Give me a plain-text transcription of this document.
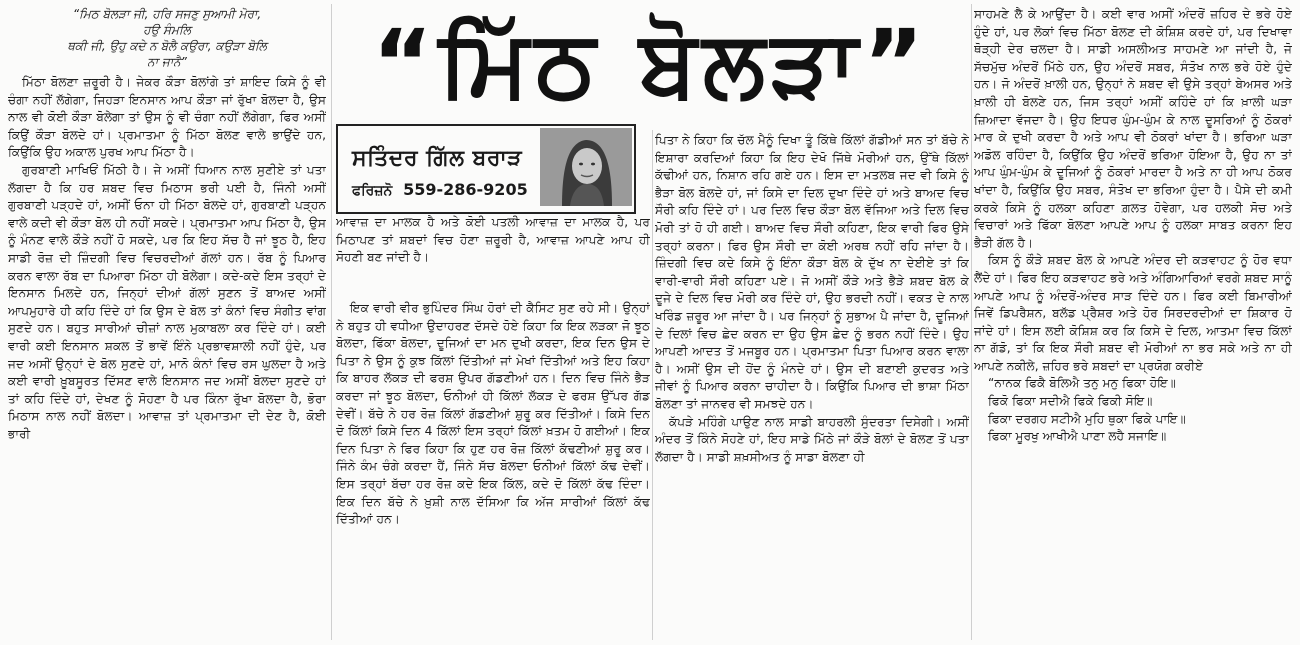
“ਮਿਠ ਬੋਲੜਾ ਜੀ, ਹਰਿ ਸਜਣੁ ਸੁਆਮੀ ਮੋਰਾ,
ਹਉ ਸੰਮਲਿ
ਥਕੀ ਜੀ, ਉਹੁ ਕਦੇ ਨ ਬੋਲੈ ਕਉਰਾ, ਕਉੜਾ ਬੋਲਿ
ਨਾ ਜਾਨੈ”

ਮਿੱਠਾ ਬੋਲਣਾ ਜ਼ਰੂਰੀ ਹੈ। ਜੇਕਰ ਕੌੜਾ ਬੋਲਾਂਗੇ ਤਾਂ ਸ਼ਾਇਦ ਕਿਸੇ ਨੂੰ ਵੀ ਚੰਗਾ ਨਹੀਂ ਲੱਗੇਗਾ, ਜਿਹੜਾ ਇਨਸਾਨ ਆਪ ਕੌੜਾ ਜਾਂ ਰੁੱਖਾ ਬੋਲਦਾ ਹੈ, ਉਸ ਨਾਲ ਵੀ ਕੋਈ ਕੌੜਾ ਬੋਲੇਗਾ ਤਾਂ ਉਸ ਨੂੰ ਵੀ ਚੰਗਾ ਨਹੀਂ ਲੱਗੇਗਾ, ਫਿਰ ਅਸੀਂ ਕਿਉਂ ਕੌੜਾ ਬੋਲਦੇ ਹਾਂ। ਪ੍ਰਮਾਤਮਾ ਨੂੰ ਮਿੱਠਾ ਬੋਲਣ ਵਾਲੇ ਭਾਉਂਦੇ ਹਨ, ਕਿਉਂਕਿ ਉਹ ਅਕਾਲ ਪੁਰਖ ਆਪ ਮਿੱਠਾ ਹੈ।

ਗੁਰਬਾਣੀ ਮਾਖਿਓਂ ਮਿੱਠੀ ਹੈ। ਜੇ ਅਸੀਂ ਧਿਆਨ ਨਾਲ ਸੁਣੀਏ ਤਾਂ ਪਤਾ ਲੱਗਦਾ ਹੈ ਕਿ ਹਰ ਸ਼ਬਦ ਵਿਚ ਮਿਠਾਸ ਭਰੀ ਪਈ ਹੈ, ਜਿੰਨੀ ਅਸੀਂ ਗੁਰਬਾਣੀ ਪੜ੍ਹਦੇ ਹਾਂ, ਅਸੀਂ ਓਨਾ ਹੀ ਮਿੱਠਾ ਬੋਲਦੇ ਹਾਂ, ਗੁਰਬਾਣੀ ਪੜ੍ਹਨ ਵਾਲੇ ਕਦੀ ਵੀ ਕੌੜਾ ਬੋਲ ਹੀ ਨਹੀਂ ਸਕਦੇ। ਪ੍ਰਮਾਤਮਾ ਆਪ ਮਿੱਠਾ ਹੈ, ਉਸ ਨੂੰ ਮੰਨਣ ਵਾਲੇ ਕੌੜੇ ਨਹੀਂ ਹੋ ਸਕਦੇ, ਪਰ ਕਿ ਇਹ ਸੱਚ ਹੈ ਜਾਂ ਝੂਠ ਹੈ, ਇਹ ਸਾਡੀ ਰੋਜ਼ ਦੀ ਜ਼ਿੰਦਗੀ ਵਿਚ ਵਿਚਰਦੀਆਂ ਗੱਲਾਂ ਹਨ। ਰੱਬ ਨੂੰ ਪਿਆਰ ਕਰਨ ਵਾਲਾ ਰੱਬ ਦਾ ਪਿਆਰਾ ਮਿੱਠਾ ਹੀ ਬੋਲੇਗਾ। ਕਦੇ-ਕਦੇ ਇਸ ਤਰ੍ਹਾਂ ਦੇ ਇਨਸਾਨ ਮਿਲਦੇ ਹਨ, ਜਿਨ੍ਹਾਂ ਦੀਆਂ ਗੱਲਾਂ ਸੁਣਨ ਤੋਂ ਬਾਅਦ ਅਸੀਂ ਆਪਮੁਹਾਰੇ ਹੀ ਕਹਿ ਦਿੰਦੇ ਹਾਂ ਕਿ ਉਸ ਦੇ ਬੋਲ ਤਾਂ ਕੰਨਾਂ ਵਿਚ ਸੰਗੀਤ ਵਾਂਗ ਸੁਣਦੇ ਹਨ। ਬਹੁਤ ਸਾਰੀਆਂ ਚੀਜ਼ਾਂ ਨਾਲ ਮੁਕਾਬਲਾ ਕਰ ਦਿੰਦੇ ਹਾਂ। ਕਈ ਵਾਰੀ ਕਈ ਇਨਸਾਨ ਸ਼ਕਲ ਤੋਂ ਭਾਵੇਂ ਇੰਨੇ ਪ੍ਰਭਾਵਸ਼ਾਲੀ ਨਹੀਂ ਹੁੰਦੇ, ਪਰ ਜਦ ਅਸੀਂ ਉਨ੍ਹਾਂ ਦੇ ਬੋਲ ਸੁਣਦੇ ਹਾਂ, ਮਾਨੋ ਕੰਨਾਂ ਵਿਚ ਰਸ ਘੁਲਦਾ ਹੈ ਅਤੇ ਕਈ ਵਾਰੀ ਖ਼ੂਬਸੂਰਤ ਦਿੱਸਣ ਵਾਲੇ ਇਨਸਾਨ ਜਦ ਅਸੀਂ ਬੋਲਦਾ ਸੁਣਦੇ ਹਾਂ ਤਾਂ ਕਹਿ ਦਿੰਦੇ ਹਾਂ, ਦੇਖਣ ਨੂੰ ਸੋਹਣਾ ਹੈ ਪਰ ਕਿੰਨਾ ਰੁੱਖਾ ਬੋਲਦਾ ਹੈ, ਭੋਰਾ ਮਿਠਾਸ ਨਾਲ ਨਹੀਂ ਬੋਲਦਾ। ਆਵਾਜ਼ ਤਾਂ ਪ੍ਰਮਾਤਮਾ ਦੀ ਦੇਣ ਹੈ, ਕੋਈ ਭਾਰੀ

“ਮਿੱਠ ਬੋਲੜਾ”
ਸਤਿੰਦਰ ਗਿੱਲ ਬਰਾੜ
ਫਰਿਜ਼ਨੋ 559-286-9205

ਆਵਾਜ਼ ਦਾ ਮਾਲਕ ਹੈ ਅਤੇ ਕੋਈ ਪਤਲੀ ਆਵਾਜ਼ ਦਾ ਮਾਲਕ ਹੈ, ਪਰ ਮਿਠਾਪਣ ਤਾਂ ਸ਼ਬਦਾਂ ਵਿਚ ਹੋਣਾ ਜ਼ਰੂਰੀ ਹੈ, ਆਵਾਜ਼ ਆਪਣੇ ਆਪ ਹੀ ਸੋਹਣੀ ਬਣ ਜਾਂਦੀ ਹੈ।

ਇਕ ਵਾਰੀ ਵੀਰ ਭੁਪਿੰਦਰ ਸਿੰਘ ਹੋਰਾਂ ਦੀ ਕੈਸਿਟ ਸੁਣ ਰਹੇ ਸੀ। ਉਨ੍ਹਾਂ ਨੇ ਬਹੁਤ ਹੀ ਵਧੀਆ ਉਦਾਹਰਣ ਦੱਸਦੇ ਹੋਏ ਕਿਹਾ ਕਿ ਇਕ ਲੜਕਾ ਜੋ ਝੂਠ ਬੋਲਦਾ, ਫਿੱਕਾ ਬੋਲਦਾ, ਦੂਜਿਆਂ ਦਾ ਮਨ ਦੁਖੀ ਕਰਦਾ, ਇਕ ਦਿਨ ਉਸ ਦੇ ਪਿਤਾ ਨੇ ਉਸ ਨੂੰ ਕੁਝ ਕਿੱਲਾਂ ਦਿੱਤੀਆਂ ਜਾਂ ਮੇਖਾਂ ਦਿੱਤੀਆਂ ਅਤੇ ਇਹ ਕਿਹਾ ਕਿ ਬਾਹਰ ਲੱਕੜ ਦੀ ਫਰਸ਼ ਉਪਰ ਗੱਡਣੀਆਂ ਹਨ। ਦਿਨ ਵਿਚ ਜਿੰਨੇ ਭੈੜ ਕਰਦਾ ਜਾਂ ਝੂਠ ਬੋਲਦਾ, ਓਨੀਆਂ ਹੀ ਕਿੱਲਾਂ ਲੱਕੜ ਦੇ ਫਰਸ਼ ਉੱਪਰ ਗੱਡ ਦੇਵੀਂ। ਬੱਚੇ ਨੇ ਹਰ ਰੋਜ਼ ਕਿੱਲਾਂ ਗੱਡਣੀਆਂ ਸ਼ੁਰੂ ਕਰ ਦਿੱਤੀਆਂ। ਕਿਸੇ ਦਿਨ ਦੋ ਕਿੱਲਾਂ ਕਿਸੇ ਦਿਨ 4 ਕਿੱਲਾਂ ਇਸ ਤਰ੍ਹਾਂ ਕਿੱਲਾਂ ਖ਼ਤਮ ਹੋ ਗਈਆਂ। ਇਕ ਦਿਨ ਪਿਤਾ ਨੇ ਫਿਰ ਕਿਹਾ ਕਿ ਹੁਣ ਹਰ ਰੋਜ਼ ਕਿੱਲਾਂ ਕੱਢਣੀਆਂ ਸ਼ੁਰੂ ਕਰ। ਜਿੰਨੇ ਕੰਮ ਚੰਗੇ ਕਰਦਾ ਹੈਂ, ਜਿੰਨੇ ਸੱਚ ਬੋਲਦਾ ਓਨੀਆਂ ਕਿੱਲਾਂ ਕੱਢ ਦੇਵੀਂ। ਇਸ ਤਰ੍ਹਾਂ ਬੱਚਾ ਹਰ ਰੋਜ਼ ਕਦੇ ਇਕ ਕਿੱਲ, ਕਦੇ ਦੋ ਕਿੱਲਾਂ ਕੱਢ ਦਿੰਦਾ। ਇਕ ਦਿਨ ਬੱਚੇ ਨੇ ਖ਼ੁਸ਼ੀ ਨਾਲ ਦੱਸਿਆ ਕਿ ਅੱਜ ਸਾਰੀਆਂ ਕਿੱਲਾਂ ਕੱਢ ਦਿੱਤੀਆਂ ਹਨ।

ਪਿਤਾ ਨੇ ਕਿਹਾ ਕਿ ਚੱਲ ਮੈਨੂੰ ਦਿਖਾ ਤੂੰ ਕਿੱਥੇ ਕਿੱਲਾਂ ਗੱਡੀਆਂ ਸਨ ਤਾਂ ਬੱਚੇ ਨੇ ਇਸ਼ਾਰਾ ਕਰਦਿਆਂ ਕਿਹਾ ਕਿ ਇਹ ਦੇਖੋ ਜਿੱਥੇ ਮੋਰੀਆਂ ਹਨ, ਉੱਥੇ ਕਿੱਲਾਂ ਕੱਢੀਆਂ ਹਨ, ਨਿਸ਼ਾਨ ਰਹਿ ਗਏ ਹਨ। ਇਸ ਦਾ ਮਤਲਬ ਜਦ ਵੀ ਕਿਸੇ ਨੂੰ ਭੈੜਾ ਬੋਲ ਬੋਲਦੇ ਹਾਂ, ਜਾਂ ਕਿਸੇ ਦਾ ਦਿਲ ਦੁਖਾ ਦਿੰਦੇ ਹਾਂ ਅਤੇ ਬਾਅਦ ਵਿਚ ਸੌਰੀ ਕਹਿ ਦਿੰਦੇ ਹਾਂ। ਪਰ ਦਿਲ ਵਿਚ ਕੌੜਾ ਬੋਲ ਵੱਜਿਆ ਅਤੇ ਦਿਲ ਵਿਚ ਮੋਰੀ ਤਾਂ ਹੋ ਹੀ ਗਈ। ਬਾਅਦ ਵਿਚ ਸੌਰੀ ਕਹਿਣਾ, ਇਕ ਵਾਰੀ ਫਿਰ ਉਸੇ ਤਰ੍ਹਾਂ ਕਰਨਾ। ਫਿਰ ਉਸ ਸੌਰੀ ਦਾ ਕੋਈ ਅਰਥ ਨਹੀਂ ਰਹਿ ਜਾਂਦਾ ਹੈ। ਜ਼ਿੰਦਗੀ ਵਿਚ ਕਦੇ ਕਿਸੇ ਨੂੰ ਇੰਨਾ ਕੌੜਾ ਬੋਲ ਕੇ ਦੁੱਖ ਨਾ ਦੇਈਏ ਤਾਂ ਕਿ ਵਾਰੀ-ਵਾਰੀ ਸੌਰੀ ਕਹਿਣਾ ਪਏ। ਜੋ ਅਸੀਂ ਕੌੜੇ ਅਤੇ ਭੈੜੇ ਸ਼ਬਦ ਬੋਲ ਕੇ ਦੂਜੇ ਦੇ ਦਿਲ ਵਿਚ ਮੋਰੀ ਕਰ ਦਿੰਦੇ ਹਾਂ, ਉਹ ਭਰਦੀ ਨਹੀਂ। ਵਕਤ ਦੇ ਨਾਲ ਖਰਿੰਡ ਜ਼ਰੂਰ ਆ ਜਾਂਦਾ ਹੈ। ਪਰ ਜਿਨ੍ਹਾਂ ਨੂੰ ਸੁਭਾਅ ਪੈ ਜਾਂਦਾ ਹੈ, ਦੂਜਿਆਂ ਦੇ ਦਿਲਾਂ ਵਿਚ ਛੇਦ ਕਰਨ ਦਾ ਉਹ ਉਸ ਛੇਦ ਨੂੰ ਭਰਨ ਨਹੀਂ ਦਿੰਦੇ। ਉਹ ਆਪਣੀ ਆਦਤ ਤੋਂ ਮਜਬੂਰ ਹਨ। ਪ੍ਰਮਾਤਮਾ ਪਿਤਾ ਪਿਆਰ ਕਰਨ ਵਾਲਾ ਹੈ। ਅਸੀਂ ਉਸ ਦੀ ਹੋਂਦ ਨੂੰ ਮੰਨਦੇ ਹਾਂ। ਉਸ ਦੀ ਬਣਾਈ ਕੁਦਰਤ ਅਤੇ ਜੀਵਾਂ ਨੂੰ ਪਿਆਰ ਕਰਨਾ ਚਾਹੀਦਾ ਹੈ। ਕਿਉਂਕਿ ਪਿਆਰ ਦੀ ਭਾਸ਼ਾ ਮਿੱਠਾ ਬੋਲਣਾ ਤਾਂ ਜਾਨਵਰ ਵੀ ਸਮਝਦੇ ਹਨ।

ਕੱਪੜੇ ਮਹਿੰਗੇ ਪਾਉਣ ਨਾਲ ਸਾਡੀ ਬਾਹਰਲੀ ਸੁੰਦਰਤਾ ਦਿਸੇਗੀ। ਅਸੀਂ ਅੰਦਰ ਤੋਂ ਕਿੰਨੇ ਸੋਹਣੇ ਹਾਂ, ਇਹ ਸਾਡੇ ਮਿੱਠੇ ਜਾਂ ਕੌੜੇ ਬੋਲਾਂ ਦੇ ਬੋਲਣ ਤੋਂ ਪਤਾ ਲੱਗਦਾ ਹੈ। ਸਾਡੀ ਸ਼ਖ਼ਸੀਅਤ ਨੂੰ ਸਾਡਾ ਬੋਲਣਾ ਹੀ

ਸਾਹਮਣੇ ਲੈ ਕੇ ਆਉਂਦਾ ਹੈ। ਕਈ ਵਾਰ ਅਸੀਂ ਅੰਦਰੋਂ ਜ਼ਹਿਰ ਦੇ ਭਰੇ ਹੋਏ ਹੁੰਦੇ ਹਾਂ, ਪਰ ਲੋਕਾਂ ਵਿਚ ਮਿੱਠਾ ਬੋਲਣ ਦੀ ਕੋਸ਼ਿਸ਼ ਕਰਦੇ ਹਾਂ, ਪਰ ਦਿਖਾਵਾ ਥੋੜ੍ਹੀ ਦੇਰ ਚਲਦਾ ਹੈ। ਸਾਡੀ ਅਸਲੀਅਤ ਸਾਹਮਣੇ ਆ ਜਾਂਦੀ ਹੈ, ਜੋ ਸੱਚਮੁੱਚ ਅੰਦਰੋਂ ਮਿੱਠੇ ਹਨ, ਉਹ ਅੰਦਰੋਂ ਸਬਰ, ਸੰਤੋਖ ਨਾਲ ਭਰੇ ਹੋਏ ਹੁੰਦੇ ਹਨ। ਜੋ ਅੰਦਰੋਂ ਖ਼ਾਲੀ ਹਨ, ਉਨ੍ਹਾਂ ਨੇ ਸ਼ਬਦ ਵੀ ਉਸੇ ਤਰ੍ਹਾਂ ਬੇਅਸਰ ਅਤੇ ਖ਼ਾਲੀ ਹੀ ਬੋਲਣੇ ਹਨ, ਜਿਸ ਤਰ੍ਹਾਂ ਅਸੀਂ ਕਹਿੰਦੇ ਹਾਂ ਕਿ ਖ਼ਾਲੀ ਘੜਾ ਜ਼ਿਆਦਾ ਵੱਜਦਾ ਹੈ। ਉਹ ਇਧਰ ਘੁੰਮ-ਘੁੰਮ ਕੇ ਨਾਲ ਦੂਸਰਿਆਂ ਨੂੰ ਠੋਕਰਾਂ ਮਾਰ ਕੇ ਦੁਖੀ ਕਰਦਾ ਹੈ ਅਤੇ ਆਪ ਵੀ ਠੋਕਰਾਂ ਖਾਂਦਾ ਹੈ। ਭਰਿਆ ਘੜਾ ਅਡੋਲ ਰਹਿੰਦਾ ਹੈ, ਕਿਉਂਕਿ ਉਹ ਅੰਦਰੋਂ ਭਰਿਆ ਹੋਇਆ ਹੈ, ਉਹ ਨਾ ਤਾਂ ਆਪ ਘੁੰਮ-ਘੁੰਮ ਕੇ ਦੂਜਿਆਂ ਨੂੰ ਠੋਕਰਾਂ ਮਾਰਦਾ ਹੈ ਅਤੇ ਨਾ ਹੀ ਆਪ ਠੋਕਰ ਖਾਂਦਾ ਹੈ, ਕਿਉਂਕਿ ਉਹ ਸਬਰ, ਸੰਤੋਖ ਦਾ ਭਰਿਆ ਹੁੰਦਾ ਹੈ। ਪੈਸੇ ਦੀ ਕਮੀ ਕਰਕੇ ਕਿਸੇ ਨੂੰ ਹਲਕਾ ਕਹਿਣਾ ਗ਼ਲਤ ਹੋਵੇਗਾ, ਪਰ ਹਲਕੀ ਸੋਚ ਅਤੇ ਵਿਚਾਰਾਂ ਅਤੇ ਫਿੱਕਾ ਬੋਲਣਾ ਆਪਣੇ ਆਪ ਨੂੰ ਹਲਕਾ ਸਾਬਤ ਕਰਨਾ ਇਹ ਭੈੜੀ ਗੱਲ ਹੈ।

ਕਿਸ ਨੂੰ ਕੌੜੇ ਸ਼ਬਦ ਬੋਲ ਕੇ ਆਪਣੇ ਅੰਦਰ ਦੀ ਕੜਵਾਹਟ ਨੂੰ ਹੋਰ ਵਧਾ ਲੈਂਦੇ ਹਾਂ। ਫਿਰ ਇਹ ਕੜਵਾਹਟ ਭਰੇ ਅਤੇ ਅੰਗਿਆਰਿਆਂ ਵਰਗੇ ਸ਼ਬਦ ਸਾਨੂੰ ਆਪਣੇ ਆਪ ਨੂੰ ਅੰਦਰੋਂ-ਅੰਦਰ ਸਾੜ ਦਿੰਦੇ ਹਨ। ਫਿਰ ਕਈ ਬਿਮਾਰੀਆਂ ਜਿਵੇਂ ਡਿਪਰੈਸ਼ਨ, ਬਲੱਡ ਪ੍ਰੈਸ਼ਰ ਅਤੇ ਹੋਰ ਸਿਰਦਰਦੀਆਂ ਦਾ ਸ਼ਿਕਾਰ ਹੋ ਜਾਂਦੇ ਹਾਂ। ਇਸ ਲਈ ਕੋਸ਼ਿਸ਼ ਕਰ ਕਿ ਕਿਸੇ ਦੇ ਦਿਲ, ਆਤਮਾ ਵਿਚ ਕਿੱਲਾਂ ਨਾ ਗੱਡੋ, ਤਾਂ ਕਿ ਇਕ ਸੌਰੀ ਸ਼ਬਦ ਵੀ ਮੋਰੀਆਂ ਨਾ ਭਰ ਸਕੇ ਅਤੇ ਨਾ ਹੀ ਆਪਣੇ ਨਕੀਲੇ, ਜ਼ਹਿਰ ਭਰੇ ਸ਼ਬਦਾਂ ਦਾ ਪ੍ਰਯੋਗ ਕਰੀਏ

“ਨਾਨਕ ਫਿਕੈ ਬੋਲਿਐ ਤਨੁ ਮਨੁ ਫਿਕਾ ਹੋਇ॥
ਫਿਕੋ ਫਿਕਾ ਸਦੀਐ ਫਿਕੇ ਫਿਕੀ ਸੋਇ॥
ਫਿਕਾ ਦਰਗਹ ਸਟੀਐ ਮੁਹਿ ਥੁਕਾ ਫਿਕੇ ਪਾਇ॥
ਫਿਕਾ ਮੂਰਖੁ ਆਖੀਐ ਪਾਣਾ ਲਹੈ ਸਜਾਇ॥
